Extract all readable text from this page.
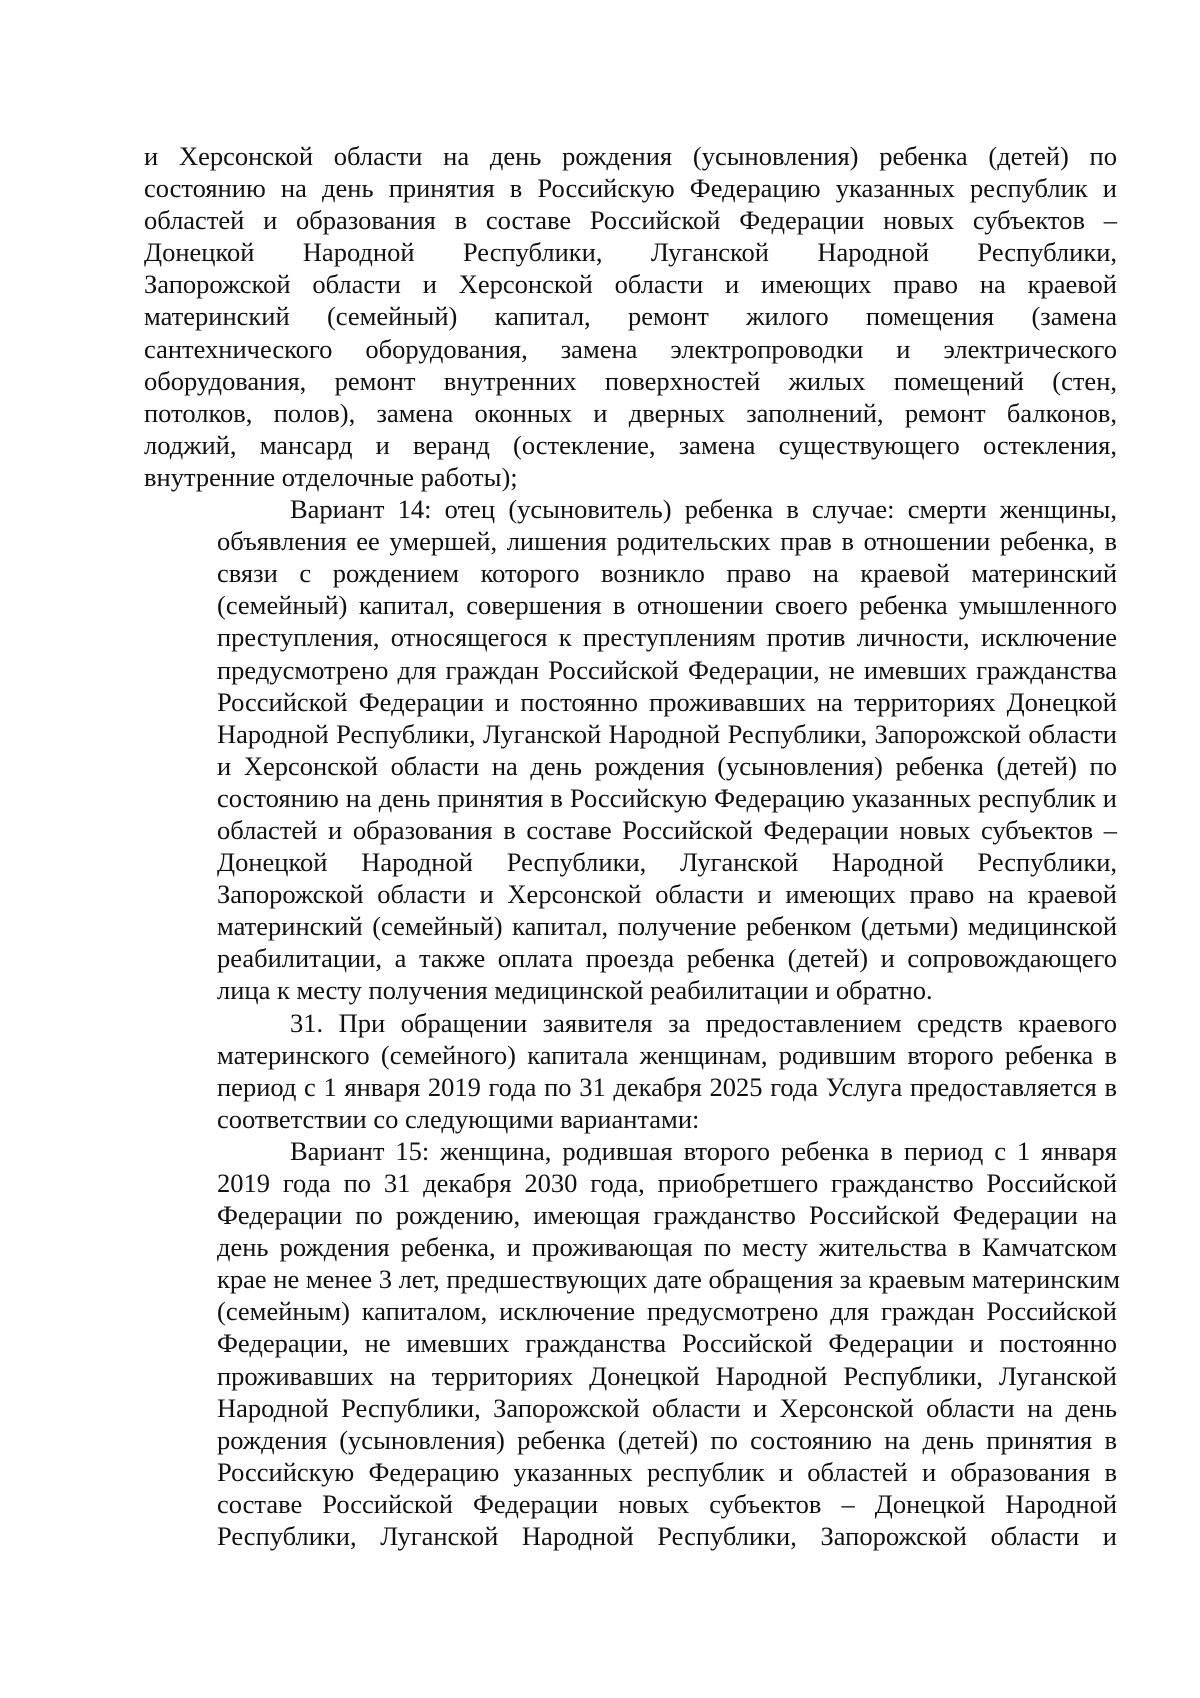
и Херсонской области на день рождения (усыновления) ребенка (детей) по
состоянию на день принятия в Российскую Федерацию указанных республик и
областей и образования в составе Российской Федерации новых субъектов –
Донецкой Народной Республики, Луганской Народной Республики,
Запорожской области и Херсонской области и имеющих право на краевой
материнский (семейный) капитал, ремонт жилого помещения (замена
сантехнического оборудования, замена электропроводки и электрического
оборудования, ремонт внутренних поверхностей жилых помещений (стен,
потолков, полов), замена оконных и дверных заполнений, ремонт балконов,
лоджий, мансард и веранд (остекление, замена существующего остекления,
внутренние отделочные работы);
Вариант 14: отец (усыновитель) ребенка в случае: смерти женщины,
объявления ее умершей, лишения родительских прав в отношении ребенка, в
связи с рождением которого возникло право на краевой материнский
(семейный) капитал, совершения в отношении своего ребенка умышленного
преступления, относящегося к преступлениям против личности, исключение
предусмотрено для граждан Российской Федерации, не имевших гражданства
Российской Федерации и постоянно проживавших на территориях Донецкой
Народной Республики, Луганской Народной Республики, Запорожской области
и Херсонской области на день рождения (усыновления) ребенка (детей) по
состоянию на день принятия в Российскую Федерацию указанных республик и
областей и образования в составе Российской Федерации новых субъектов –
Донецкой Народной Республики, Луганской Народной Республики,
Запорожской области и Херсонской области и имеющих право на краевой
материнский (семейный) капитал, получение ребенком (детьми) медицинской
реабилитации, а также оплата проезда ребенка (детей) и сопровождающего
лица к месту получения медицинской реабилитации и обратно.
31. При обращении заявителя за предоставлением средств краевого
материнского (семейного) капитала женщинам, родившим второго ребенка в
период с 1 января 2019 года по 31 декабря 2025 года Услуга предоставляется в
соответствии со следующими вариантами:
Вариант 15: женщина, родившая второго ребенка в период с 1 января
2019 года по 31 декабря 2030 года, приобретшего гражданство Российской
Федерации по рождению, имеющая гражданство Российской Федерации на
день рождения ребенка, и проживающая по месту жительства в Камчатском
крае не менее 3 лет, предшествующих дате обращения за краевым материнским
(семейным) капиталом, исключение предусмотрено для граждан Российской
Федерации, не имевших гражданства Российской Федерации и постоянно
проживавших на территориях Донецкой Народной Республики, Луганской
Народной Республики, Запорожской области и Херсонской области на день
рождения (усыновления) ребенка (детей) по состоянию на день принятия в
Российскую Федерацию указанных республик и областей и образования в
составе Российской Федерации новых субъектов – Донецкой Народной
Республики, Луганской Народной Республики, Запорожской области и
